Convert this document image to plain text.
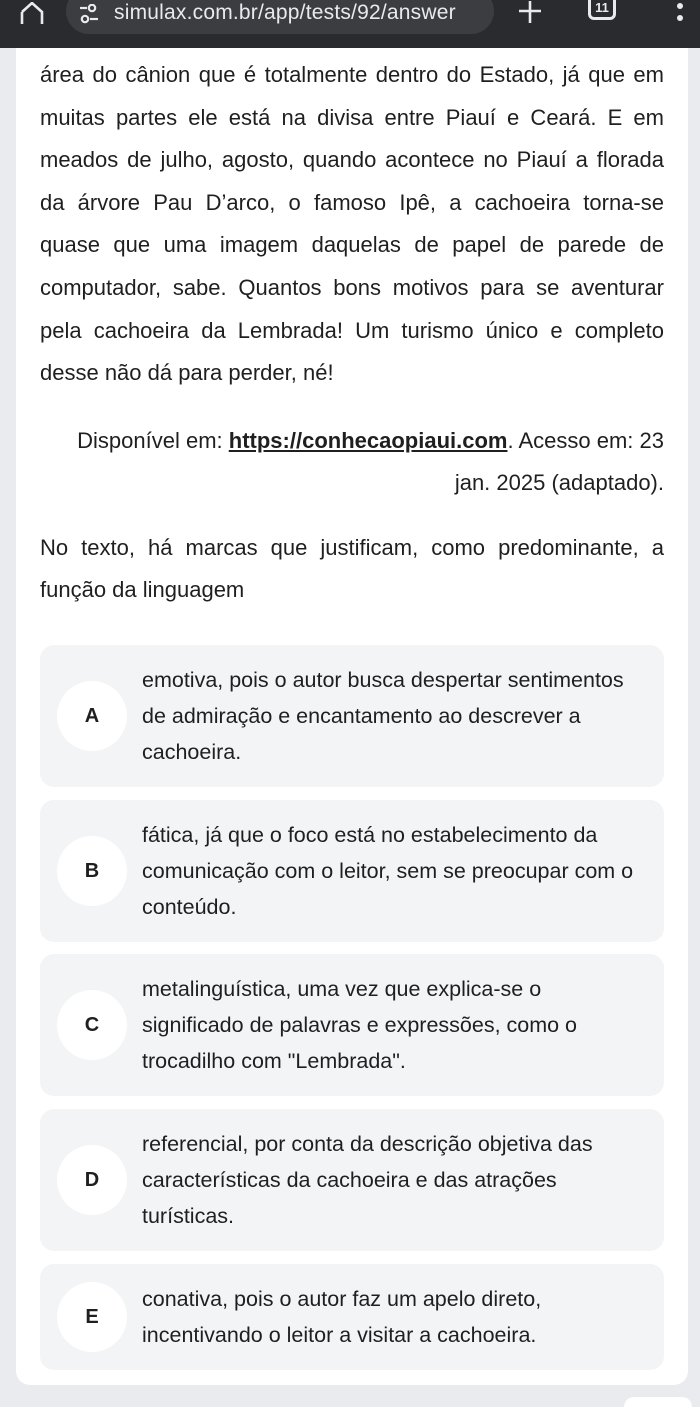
simulax.com.br/app/tests/92/answer	11

área do cânion que é totalmente dentro do Estado, já que em muitas partes ele está na divisa entre Piauí e Ceará. E em meados de julho, agosto, quando acontece no Piauí a florada da árvore Pau D’arco, o famoso Ipê, a cachoeira torna-se quase que uma imagem daquelas de papel de parede de computador, sabe. Quantos bons motivos para se aventurar pela cachoeira da Lembrada! Um turismo único e completo desse não dá para perder, né!

Disponível em: https://conhecaopiaui.com. Acesso em: 23 jan. 2025 (adaptado).

No texto, há marcas que justificam, como predominante, a função da linguagem

A
emotiva, pois o autor busca despertar sentimentos de admiração e encantamento ao descrever a cachoeira.
B
fática, já que o foco está no estabelecimento da comunicação com o leitor, sem se preocupar com o conteúdo.
C
metalinguística, uma vez que explica-se o significado de palavras e expressões, como o trocadilho com "Lembrada".
D
referencial, por conta da descrição objetiva das características da cachoeira e das atrações turísticas.
E
conativa, pois o autor faz um apelo direto, incentivando o leitor a visitar a cachoeira.
